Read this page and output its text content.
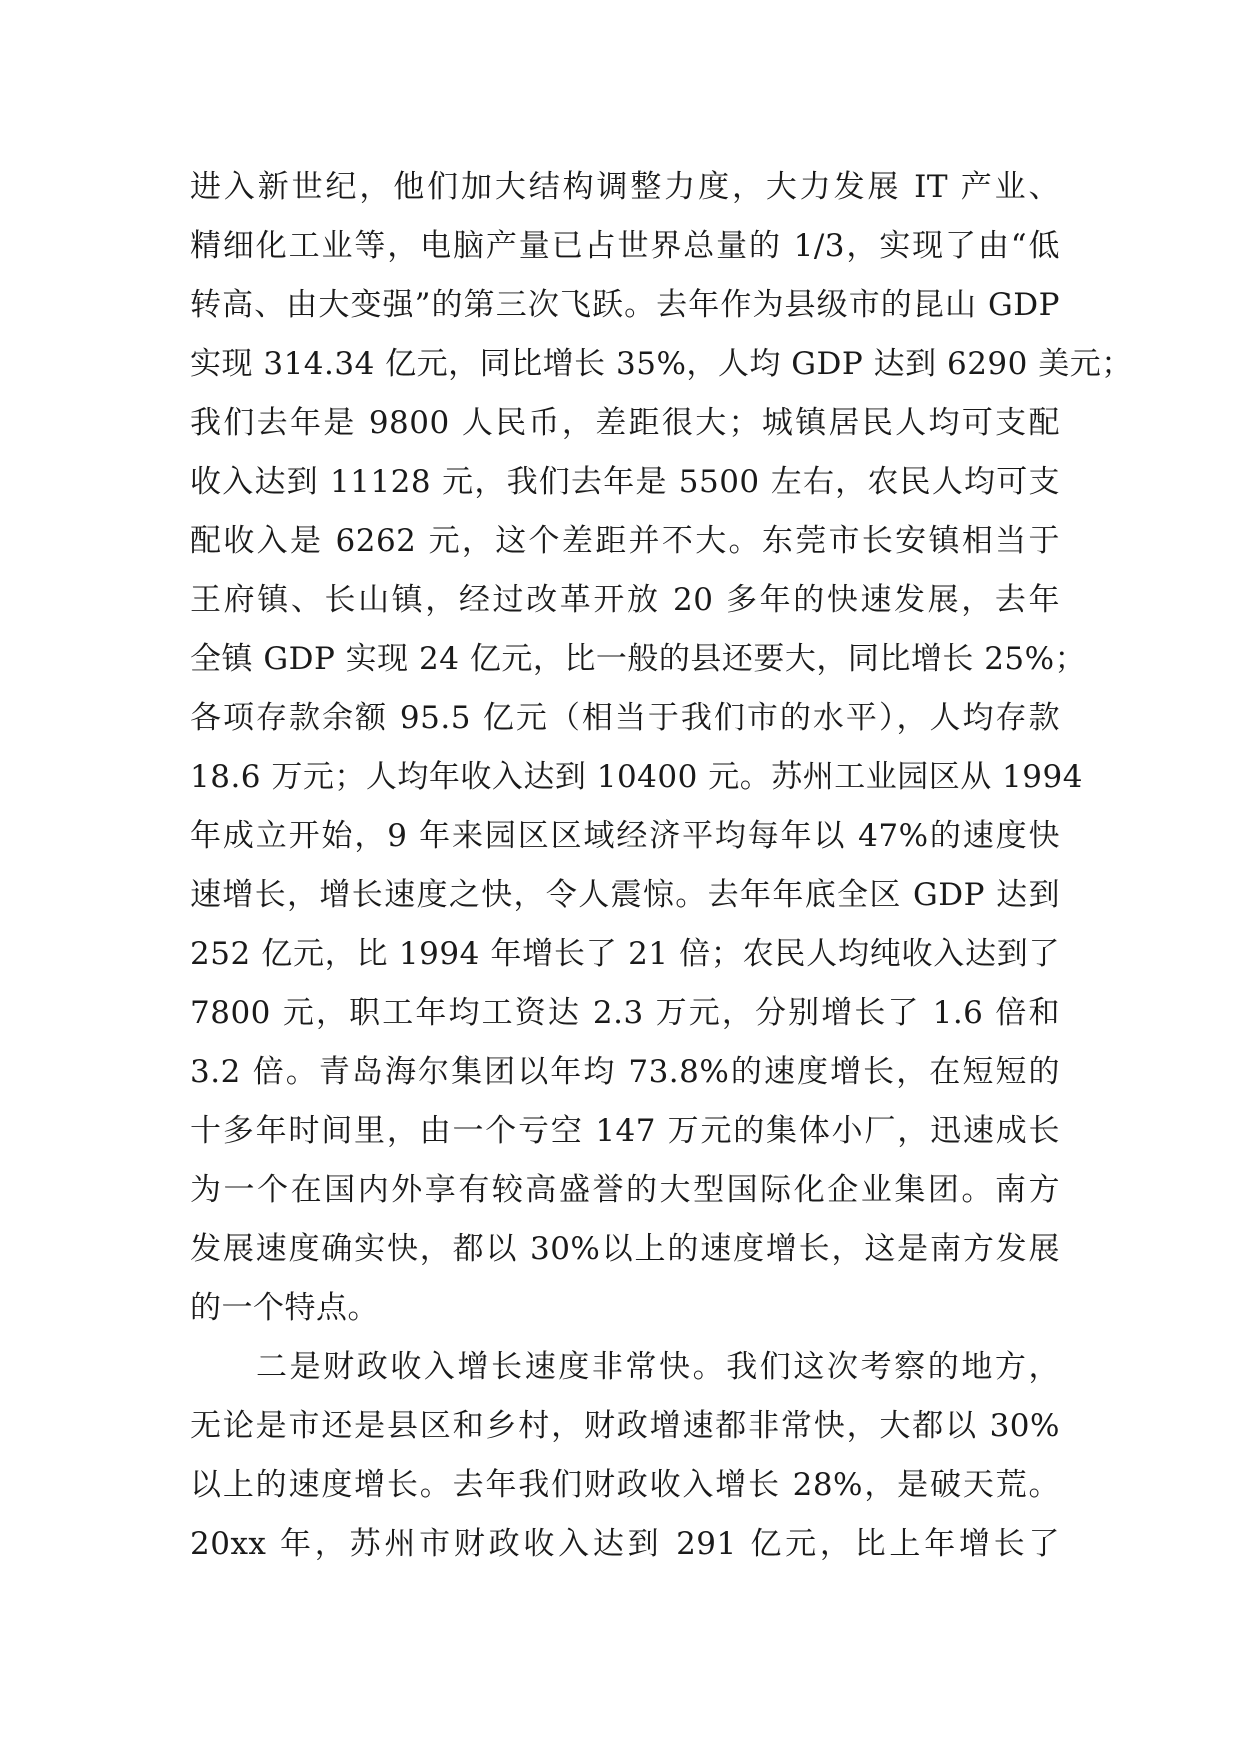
进入新世纪，他们加大结构调整力度，大力发展 IT 产业、
精细化工业等，电脑产量已占世界总量的 1/3，实现了由“低
转高、由大变强”的第三次飞跃。去年作为县级市的昆山 GDP
实现 314.34 亿元，同比增长 35%，人均 GDP 达到 6290 美元；
我们去年是 9800 人民币，差距很大；城镇居民人均可支配
收入达到 11128 元，我们去年是 5500 左右，农民人均可支
配收入是 6262 元，这个差距并不大。东莞市长安镇相当于
王府镇、长山镇，经过改革开放 20 多年的快速发展，去年
全镇 GDP 实现 24 亿元，比一般的县还要大，同比增长 25%；
各项存款余额 95.5 亿元（相当于我们市的水平），人均存款
18.6 万元；人均年收入达到 10400 元。苏州工业园区从 1994
年成立开始，9 年来园区区域经济平均每年以 47%的速度快
速增长，增长速度之快，令人震惊。去年年底全区 GDP 达到
252 亿元，比 1994 年增长了 21 倍；农民人均纯收入达到了
7800 元，职工年均工资达 2.3 万元，分别增长了 1.6 倍和
3.2 倍。青岛海尔集团以年均 73.8%的速度增长，在短短的
十多年时间里，由一个亏空 147 万元的集体小厂，迅速成长
为一个在国内外享有较高盛誉的大型国际化企业集团。南方
发展速度确实快，都以 30%以上的速度增长，这是南方发展
的一个特点。
二是财政收入增长速度非常快。我们这次考察的地方，
无论是市还是县区和乡村，财政增速都非常快，大都以 30%
以上的速度增长。去年我们财政收入增长 28%，是破天荒。
20xx 年，苏州市财政收入达到 291 亿元，比上年增长了
